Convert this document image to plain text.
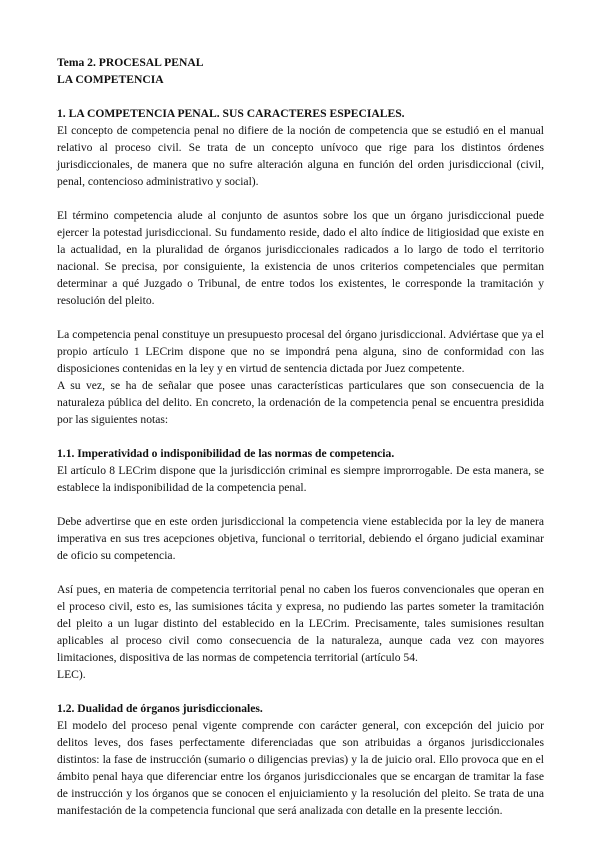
Tema 2. PROCESAL PENAL
LA COMPETENCIA
1. LA COMPETENCIA PENAL. SUS CARACTERES ESPECIALES.

El concepto de competencia penal no difiere de la noción de competencia que se estudió en el manual relativo al proceso civil. Se trata de un concepto unívoco que rige para los distintos órdenes jurisdiccionales, de manera que no sufre alteración alguna en función del orden jurisdiccional (civil, penal, contencioso administrativo y social).

El término competencia alude al conjunto de asuntos sobre los que un órgano jurisdiccional puede ejercer la potestad jurisdiccional. Su fundamento reside, dado el alto índice de litigiosidad que existe en la actualidad, en la pluralidad de órganos jurisdiccionales radicados a lo largo de todo el territorio nacional. Se precisa, por consiguiente, la existencia de unos criterios competenciales que permitan determinar a qué Juzgado o Tribunal, de entre todos los existentes, le corresponde la tramitación y resolución del pleito.

La competencia penal constituye un presupuesto procesal del órgano jurisdiccional. Adviértase que ya el propio artículo 1 LECrim dispone que no se impondrá pena alguna, sino de conformidad con las disposiciones contenidas en la ley y en virtud de sentencia dictada por Juez competente.

A su vez, se ha de señalar que posee unas características particulares que son consecuencia de la naturaleza pública del delito. En concreto, la ordenación de la competencia penal se encuentra presidida por las siguientes notas:

1.1. Imperatividad o indisponibilidad de las normas de competencia.

El artículo 8 LECrim dispone que la jurisdicción criminal es siempre improrrogable. De esta manera, se establece la indisponibilidad de la competencia penal.

Debe advertirse que en este orden jurisdiccional la competencia viene establecida por la ley de manera imperativa en sus tres acepciones objetiva, funcional o territorial, debiendo el órgano judicial examinar de oficio su competencia.

Así pues, en materia de competencia territorial penal no caben los fueros convencionales que operan en el proceso civil, esto es, las sumisiones tácita y expresa, no pudiendo las partes someter la tramitación del pleito a un lugar distinto del establecido en la LECrim. Precisamente, tales sumisiones resultan aplicables al proceso civil como consecuencia de la naturaleza, aunque cada vez con mayores limitaciones, dispositiva de las normas de competencia territorial (artículo 54.

LEC).

1.2. Dualidad de órganos jurisdiccionales.

El modelo del proceso penal vigente comprende con carácter general, con excepción del juicio por delitos leves, dos fases perfectamente diferenciadas que son atribuidas a órganos jurisdiccionales distintos: la fase de instrucción (sumario o diligencias previas) y la de juicio oral. Ello provoca que en el ámbito penal haya que diferenciar entre los órganos jurisdiccionales que se encargan de tramitar la fase de instrucción y los órganos que se conocen el enjuiciamiento y la resolución del pleito. Se trata de una manifestación de la competencia funcional que será analizada con detalle en la presente lección.
